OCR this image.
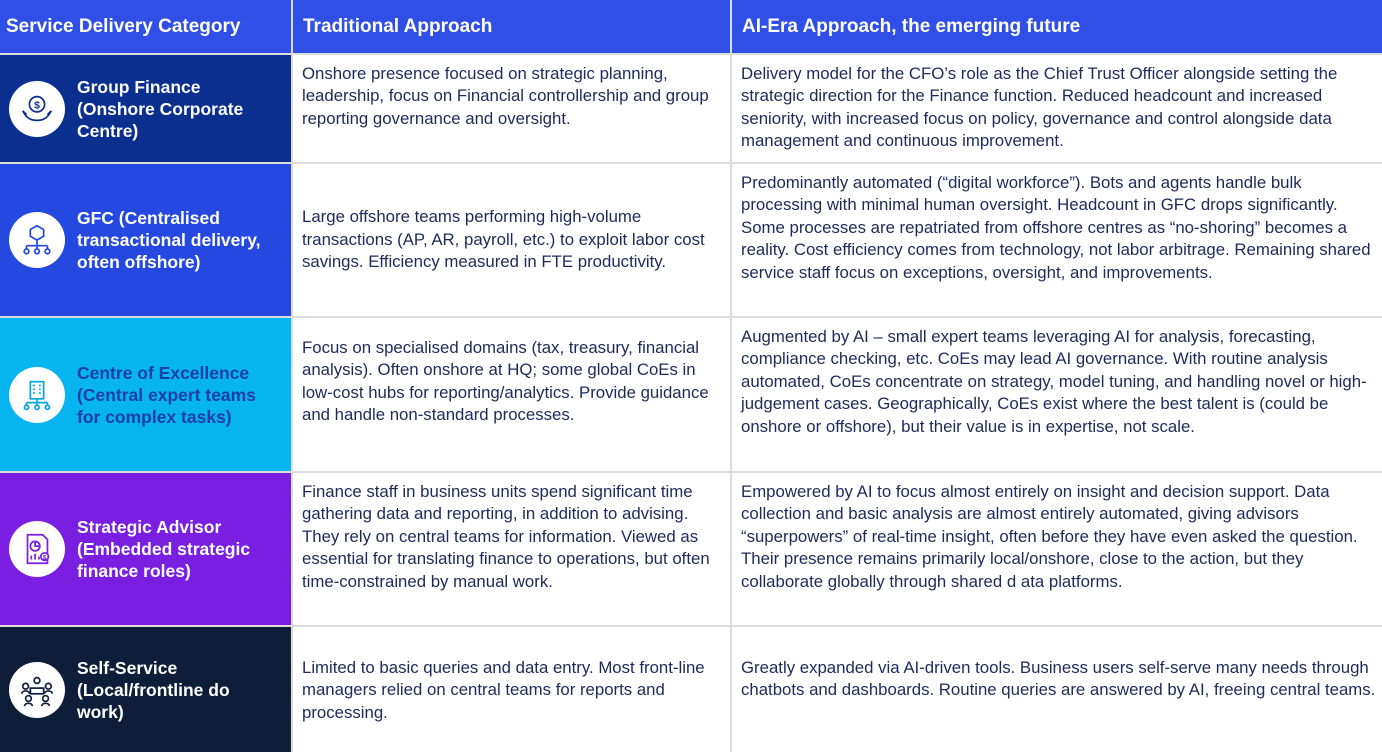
Service Delivery Category	Traditional Approach	AI-Era Approach, the emerging future
$
Group Finance (Onshore Corporate Centre)
Onshore presence focused on strategic planning, leadership, focus on Financial controllership and group reporting governance and oversight.
Delivery model for the CFO’s role as the Chief Trust Officer alongside setting the strategic direction for the Finance function. Reduced headcount and increased seniority, with increased focus on policy, governance and control alongside data management and continuous improvement.
GFC (Centralised transactional delivery, often offshore)
Large offshore teams performing high-volume transactions (AP, AR, payroll, etc.) to exploit labor cost savings. Efficiency measured in FTE productivity.
Predominantly automated (“digital workforce”). Bots and agents handle bulk processing with minimal human oversight. Headcount in GFC drops significantly. Some processes are repatriated from offshore centres as “no-shoring” becomes a reality. Cost efficiency comes from technology, not labor arbitrage. Remaining shared service staff focus on exceptions, oversight, and improvements.
Centre of Excellence (Central expert teams for complex tasks)
Focus on specialised domains (tax, treasury, financial analysis). Often onshore at HQ; some global CoEs in low-cost hubs for reporting/analytics. Provide guidance and handle non-standard processes.
Augmented by AI – small expert teams leveraging AI for analysis, forecasting, compliance checking, etc. CoEs may lead AI governance. With routine analysis automated, CoEs concentrate on strategy, model tuning, and handling novel or high-judgement cases. Geographically, CoEs exist where the best talent is (could be onshore or offshore), but their value is in expertise, not scale.
$
Strategic Advisor (Embedded strategic finance roles)
Finance staff in business units spend significant time gathering data and reporting, in addition to advising. They rely on central teams for information. Viewed as essential for translating finance to operations, but often time-constrained by manual work.
Empowered by AI to focus almost entirely on insight and decision support. Data collection and basic analysis are almost entirely automated, giving advisors “superpowers” of real-time insight, often before they have even asked the question. Their presence remains primarily local/onshore, close to the action, but they collaborate globally through shared d ata platforms.
Self-Service (Local/frontline do work)
Limited to basic queries and data entry. Most front-line managers relied on central teams for reports and processing.
Greatly expanded via AI-driven tools. Business users self-serve many needs through chatbots and dashboards. Routine queries are answered by AI, freeing central teams.
